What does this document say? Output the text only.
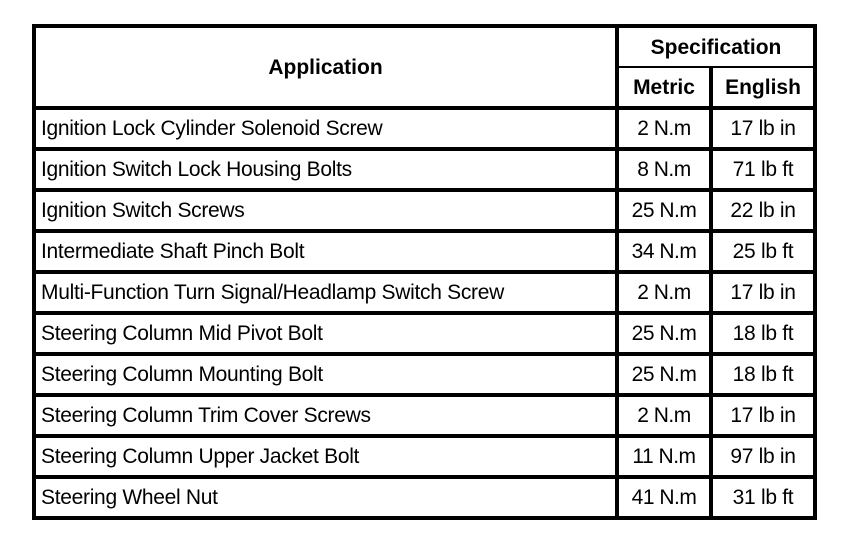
Application	Specification	
	Metric	English
Ignition Lock Cylinder Solenoid Screw	2 N.m	17 lb in
Ignition Switch Lock Housing Bolts	8 N.m	71 lb ft
Ignition Switch Screws	25 N.m	22 lb in
Intermediate Shaft Pinch Bolt	34 N.m	25 lb ft
Multi-Function Turn Signal/Headlamp Switch Screw	2 N.m	17 lb in
Steering Column Mid Pivot Bolt	25 N.m	18 lb ft
Steering Column Mounting Bolt	25 N.m	18 lb ft
Steering Column Trim Cover Screws	2 N.m	17 lb in
Steering Column Upper Jacket Bolt	11 N.m	97 lb in
Steering Wheel Nut	41 N.m	31 lb ft
